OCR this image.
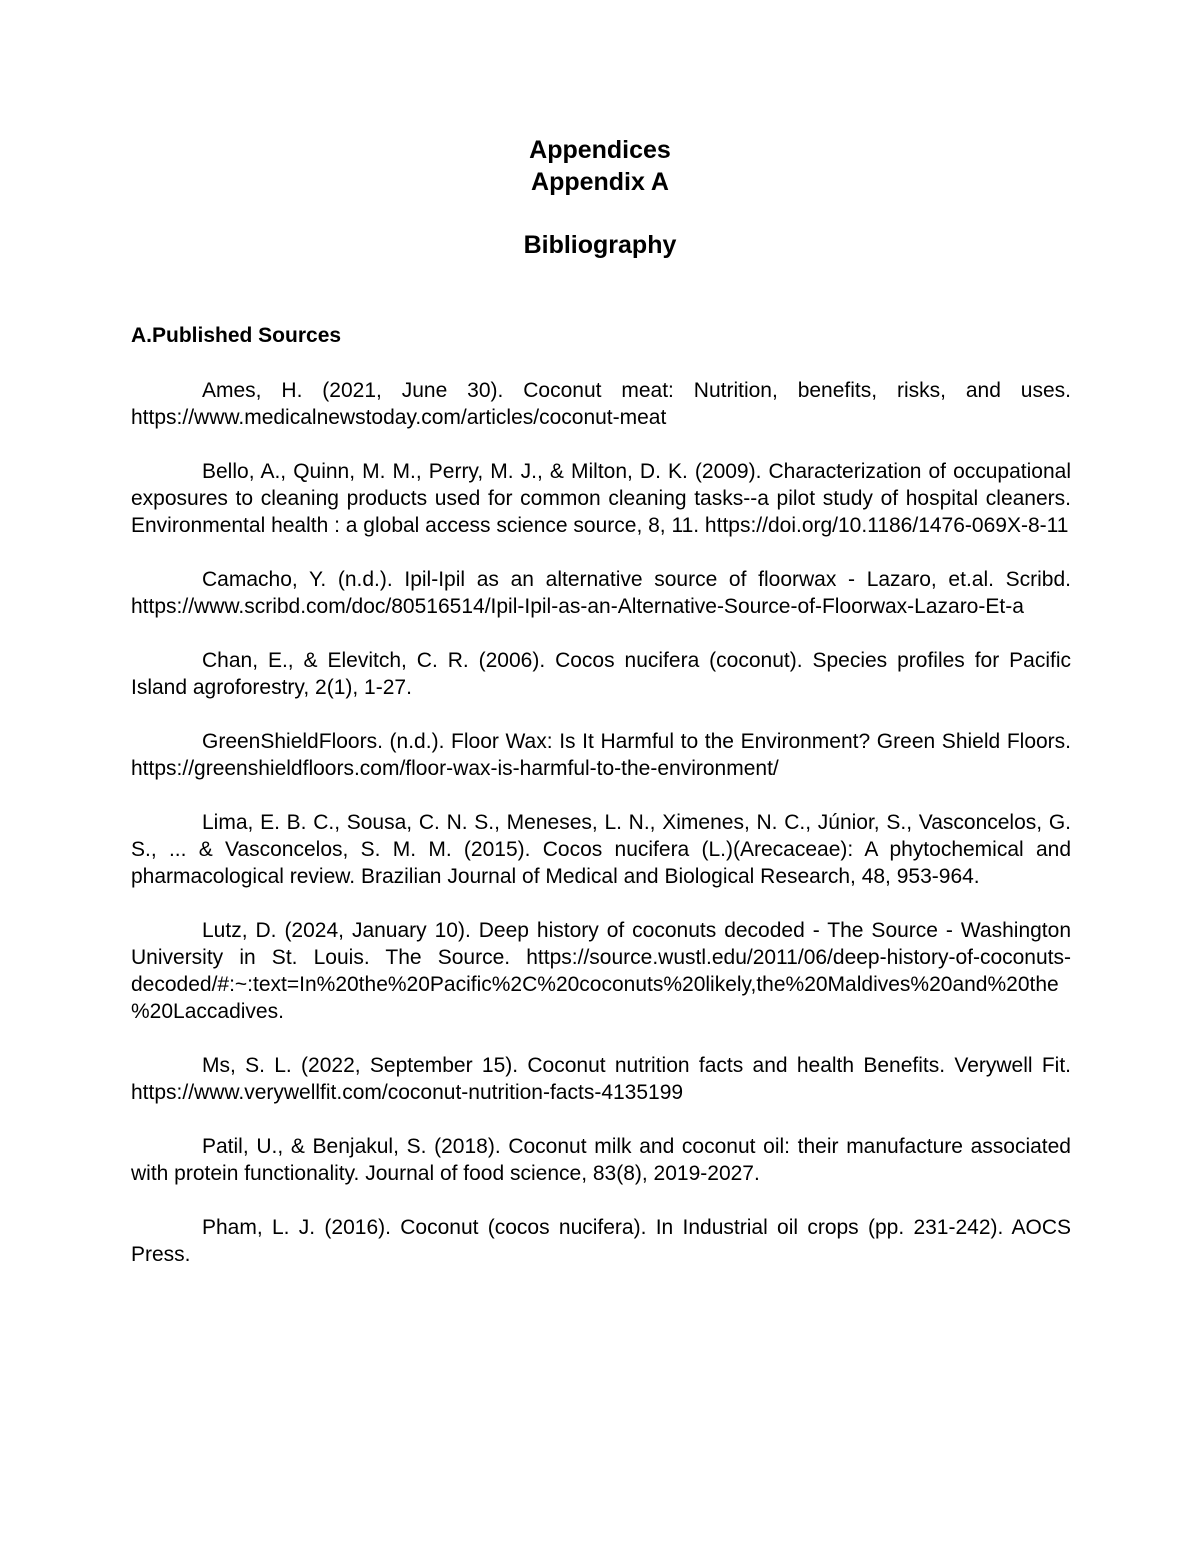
Appendices
Appendix A
Bibliography
A.Published Sources
Ames, H. (2021, June 30). Coconut meat: Nutrition, benefits, risks, and uses. https://www.medicalnewstoday.com/articles/coconut-meat
Bello, A., Quinn, M. M., Perry, M. J., & Milton, D. K. (2009). Characterization of occupational exposures to cleaning products used for common cleaning tasks--a pilot study of hospital cleaners. Environmental health : a global access science source, 8, 11. https://doi.org/10.1186/1476-069X-8-11
Camacho, Y. (n.d.). Ipil-Ipil as an alternative source of floorwax - Lazaro, et.al. Scribd. https://www.scribd.com/doc/80516514/Ipil-Ipil-as-an-Alternative-Source-of-Floorwax-Lazaro-Et-a
Chan, E., & Elevitch, C. R. (2006). Cocos nucifera (coconut). Species profiles for Pacific Island agroforestry, 2(1), 1-27.
GreenShieldFloors. (n.d.). Floor Wax: Is It Harmful to the Environment? Green Shield Floors. https://greenshieldfloors.com/floor-wax-is-harmful-to-the-environment/
Lima, E. B. C., Sousa, C. N. S., Meneses, L. N., Ximenes, N. C., Júnior, S., Vasconcelos, G. S., ... & Vasconcelos, S. M. M. (2015). Cocos nucifera (L.)(Arecaceae): A phytochemical and pharmacological review. Brazilian Journal of Medical and Biological Research, 48, 953-964.
Lutz, D. (2024, January 10). Deep history of coconuts decoded - The Source - Washington University in St. Louis. The Source. https://source.wustl.edu/2011/06/deep-history-of-coconuts-decoded/#:~:text=In%20the%20Pacific%2C%20coconuts%20likely,the%20Maldives%20and%20the%20Laccadives.
Ms, S. L. (2022, September 15). Coconut nutrition facts and health Benefits. Verywell Fit. https://www.verywellfit.com/coconut-nutrition-facts-4135199
Patil, U., & Benjakul, S. (2018). Coconut milk and coconut oil: their manufacture associated with protein functionality. Journal of food science, 83(8), 2019-2027.
Pham, L. J. (2016). Coconut (cocos nucifera). In Industrial oil crops (pp. 231-242). AOCS Press.
